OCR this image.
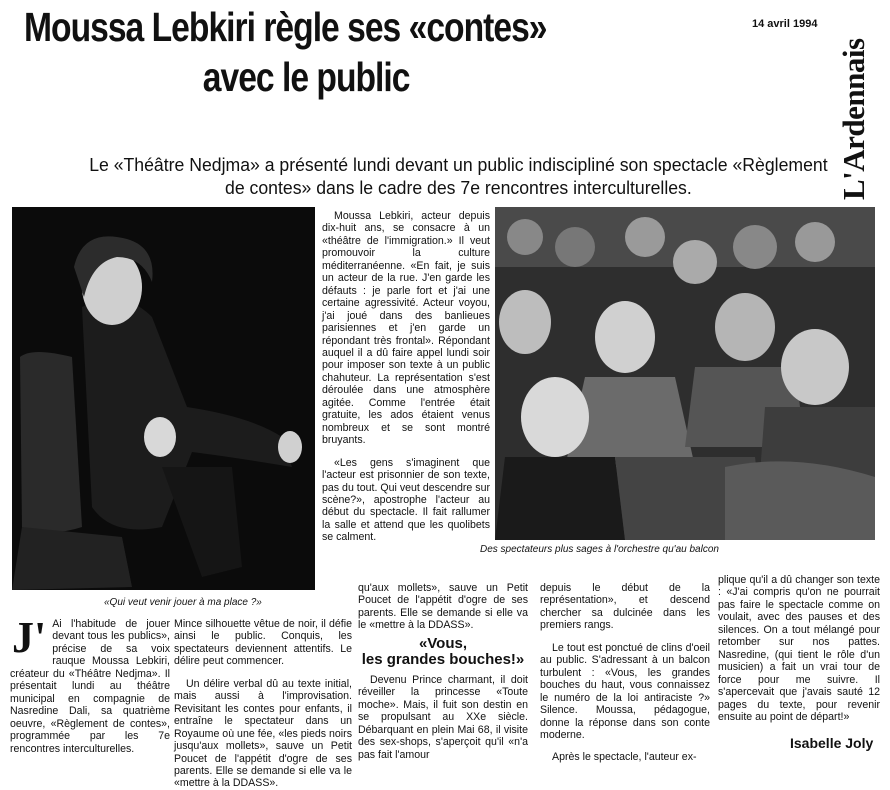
Moussa Lebkiri règle ses «contes»
avec le public
14 avril 1994
L'Ardennais
Le «Théâtre Nedjma» a présenté lundi devant un public indiscipliné son spectacle «Règlement de contes» dans le cadre des 7e rencontres interculturelles.
«Qui veut venir jouer à ma place ?»
Des spectateurs plus sages à l'orchestre qu'au balcon

Moussa Lebkiri, acteur depuis dix-huit ans, se consacre à un «théâtre de l'immigration.» Il veut promouvoir la culture méditerranéenne. «En fait, je suis un acteur de la rue. J'en garde les défauts : je parle fort et j'ai une certaine agressivité. Acteur voyou, j'ai joué dans des banlieues parisiennes et j'en garde un répondant très frontal». Répondant auquel il a dû faire appel lundi soir pour imposer son texte à un public chahuteur. La représentation s'est déroulée dans une atmosphère agitée. Comme l'entrée était gratuite, les ados étaient venus nombreux et se sont montré bruyants.

«Les gens s'imaginent que l'acteur est prisonnier de son texte, pas du tout. Qui veut descendre sur scène?», apostrophe l'acteur au début du spectacle. Il fait rallumer la salle et attend que les quolibets se calment.

J' Ai l'habitude de jouer devant tous les publics», précise de sa voix rauque Moussa Lebkiri, créateur du «Théâtre Nedjma». Il présentait lundi au théâtre municipal en compagnie de Nasredine Dali, sa quatrième oeuvre, «Règlement de contes», programmée par les 7e rencontres interculturelles.

Mince silhouette vêtue de noir, il défie ainsi le public. Conquis, les spectateurs deviennent attentifs. Le délire peut commencer.

Un délire verbal dû au texte initial, mais aussi à l'improvisation. Revisitant les contes pour enfants, il entraîne le spectateur dans un Royaume où une fée, «les pieds noirs jusqu'aux mollets», sauve un Petit Poucet de l'appétit d'ogre de ses parents. Elle se demande si elle va le «mettre à la DDASS».

qu'aux mollets», sauve un Petit Poucet de l'appétit d'ogre de ses parents. Elle se demande si elle va le «mettre à la DDASS».

«Vous,
les grandes bouches!»

Devenu Prince charmant, il doit réveiller la princesse «Toute moche». Mais, il fuit son destin en se propulsant au XXe siècle. Débarquant en plein Mai 68, il visite des sex-shops, s'aperçoit qu'il «n'a pas fait l'amour

depuis le début de la représentation», et descend chercher sa dulcinée dans les premiers rangs.

Le tout est ponctué de clins d'oeil au public. S'adressant à un balcon turbulent : «Vous, les grandes bouches du haut, vous connaissez le numéro de la loi antiraciste ?» Silence. Moussa, pédagogue, donne la réponse dans son conte moderne.

Après le spectacle, l'auteur ex-

plique qu'il a dû changer son texte : «J'ai compris qu'on ne pourrait pas faire le spectacle comme on voulait, avec des pauses et des silences. On a tout mélangé pour retomber sur nos pattes. Nasredine, (qui tient le rôle d'un musicien) a fait un vrai tour de force pour me suivre. Il s'apercevait que j'avais sauté 12 pages du texte, pour revenir ensuite au point de départ!»

Isabelle Joly
